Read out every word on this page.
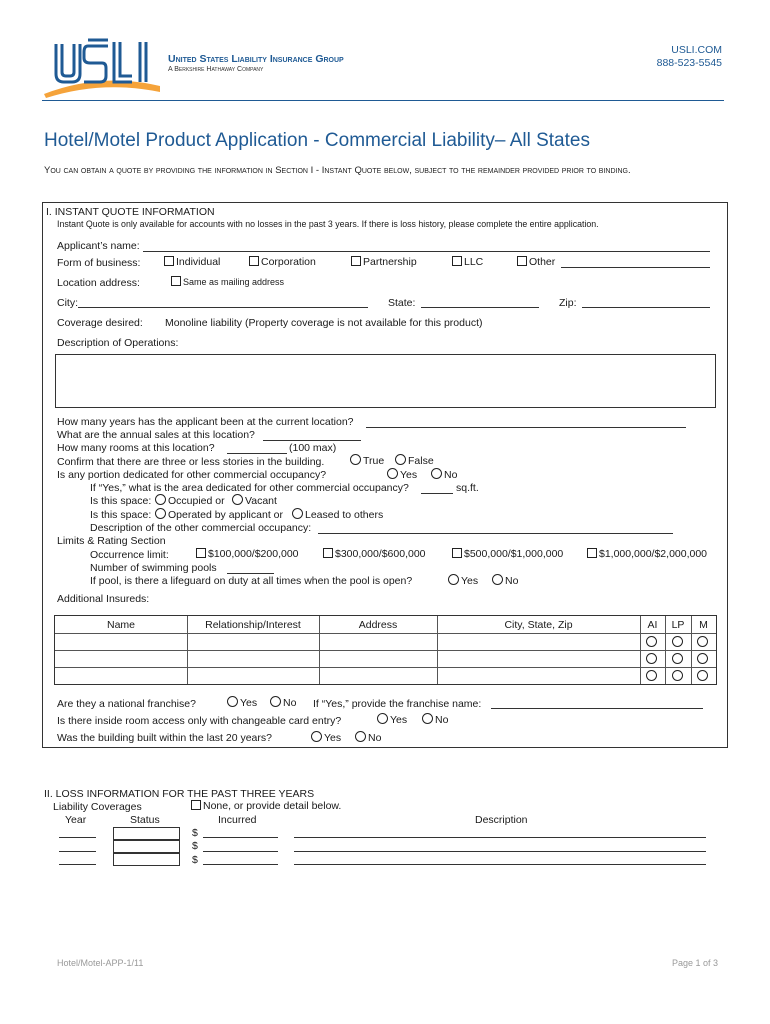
United States Liability Insurance Group
A Berkshire Hathaway Company
USLI.COM
888-523-5545
Hotel/Motel Product Application - Commercial Liability– All States
You can obtain a quote by providing the information in Section I - Instant Quote below, subject to the remainder provided prior to binding.
I. INSTANT QUOTE INFORMATION
Instant Quote is only available for accounts with no losses in the past 3 years. If there is loss history, please complete the entire application.
Applicant’s name:
Form of business:	Individual	Corporation	Partnership	LLC	Other
Location address:	Same as mailing address
City:	State:	Zip:
Coverage desired: Monoline liability (Property coverage is not available for this product)
Description of Operations:
How many years has the applicant been at the current location?
What are the annual sales at this location?
How many rooms at this location?	(100 max)
Confirm that there are three or less stories in the building.	True	False
Is any portion dedicated for other commercial occupancy?	Yes	No
If “Yes,” what is the area dedicated for other commercial occupancy?	sq.ft.
Is this space:	Occupied or	Vacant
Is this space:	Operated by applicant or	Leased to others
Description of the other commercial occupancy:
Limits & Rating Section
Occurrence limit:	$100,000/$200,000	$300,000/$600,000	$500,000/$1,000,000	$1,000,000/$2,000,000
Number of swimming pools
If pool, is there a lifeguard on duty at all times when the pool is open?	Yes	No
Additional Insureds:
Name	Relationship/Interest	Address	City, State, Zip	AI	LP	M
Are they a national franchise?	Yes	No If “Yes,” provide the franchise name:
Is there inside room access only with changeable card entry?	Yes	No
Was the building built within the last 20 years?	Yes	No
II. LOSS INFORMATION FOR THE PAST THREE YEARS
Liability Coverages	None, or provide detail below.
Year	Status	Incurred	Description
$
$
$
Hotel/Motel-APP-1/11	Page 1 of 3
